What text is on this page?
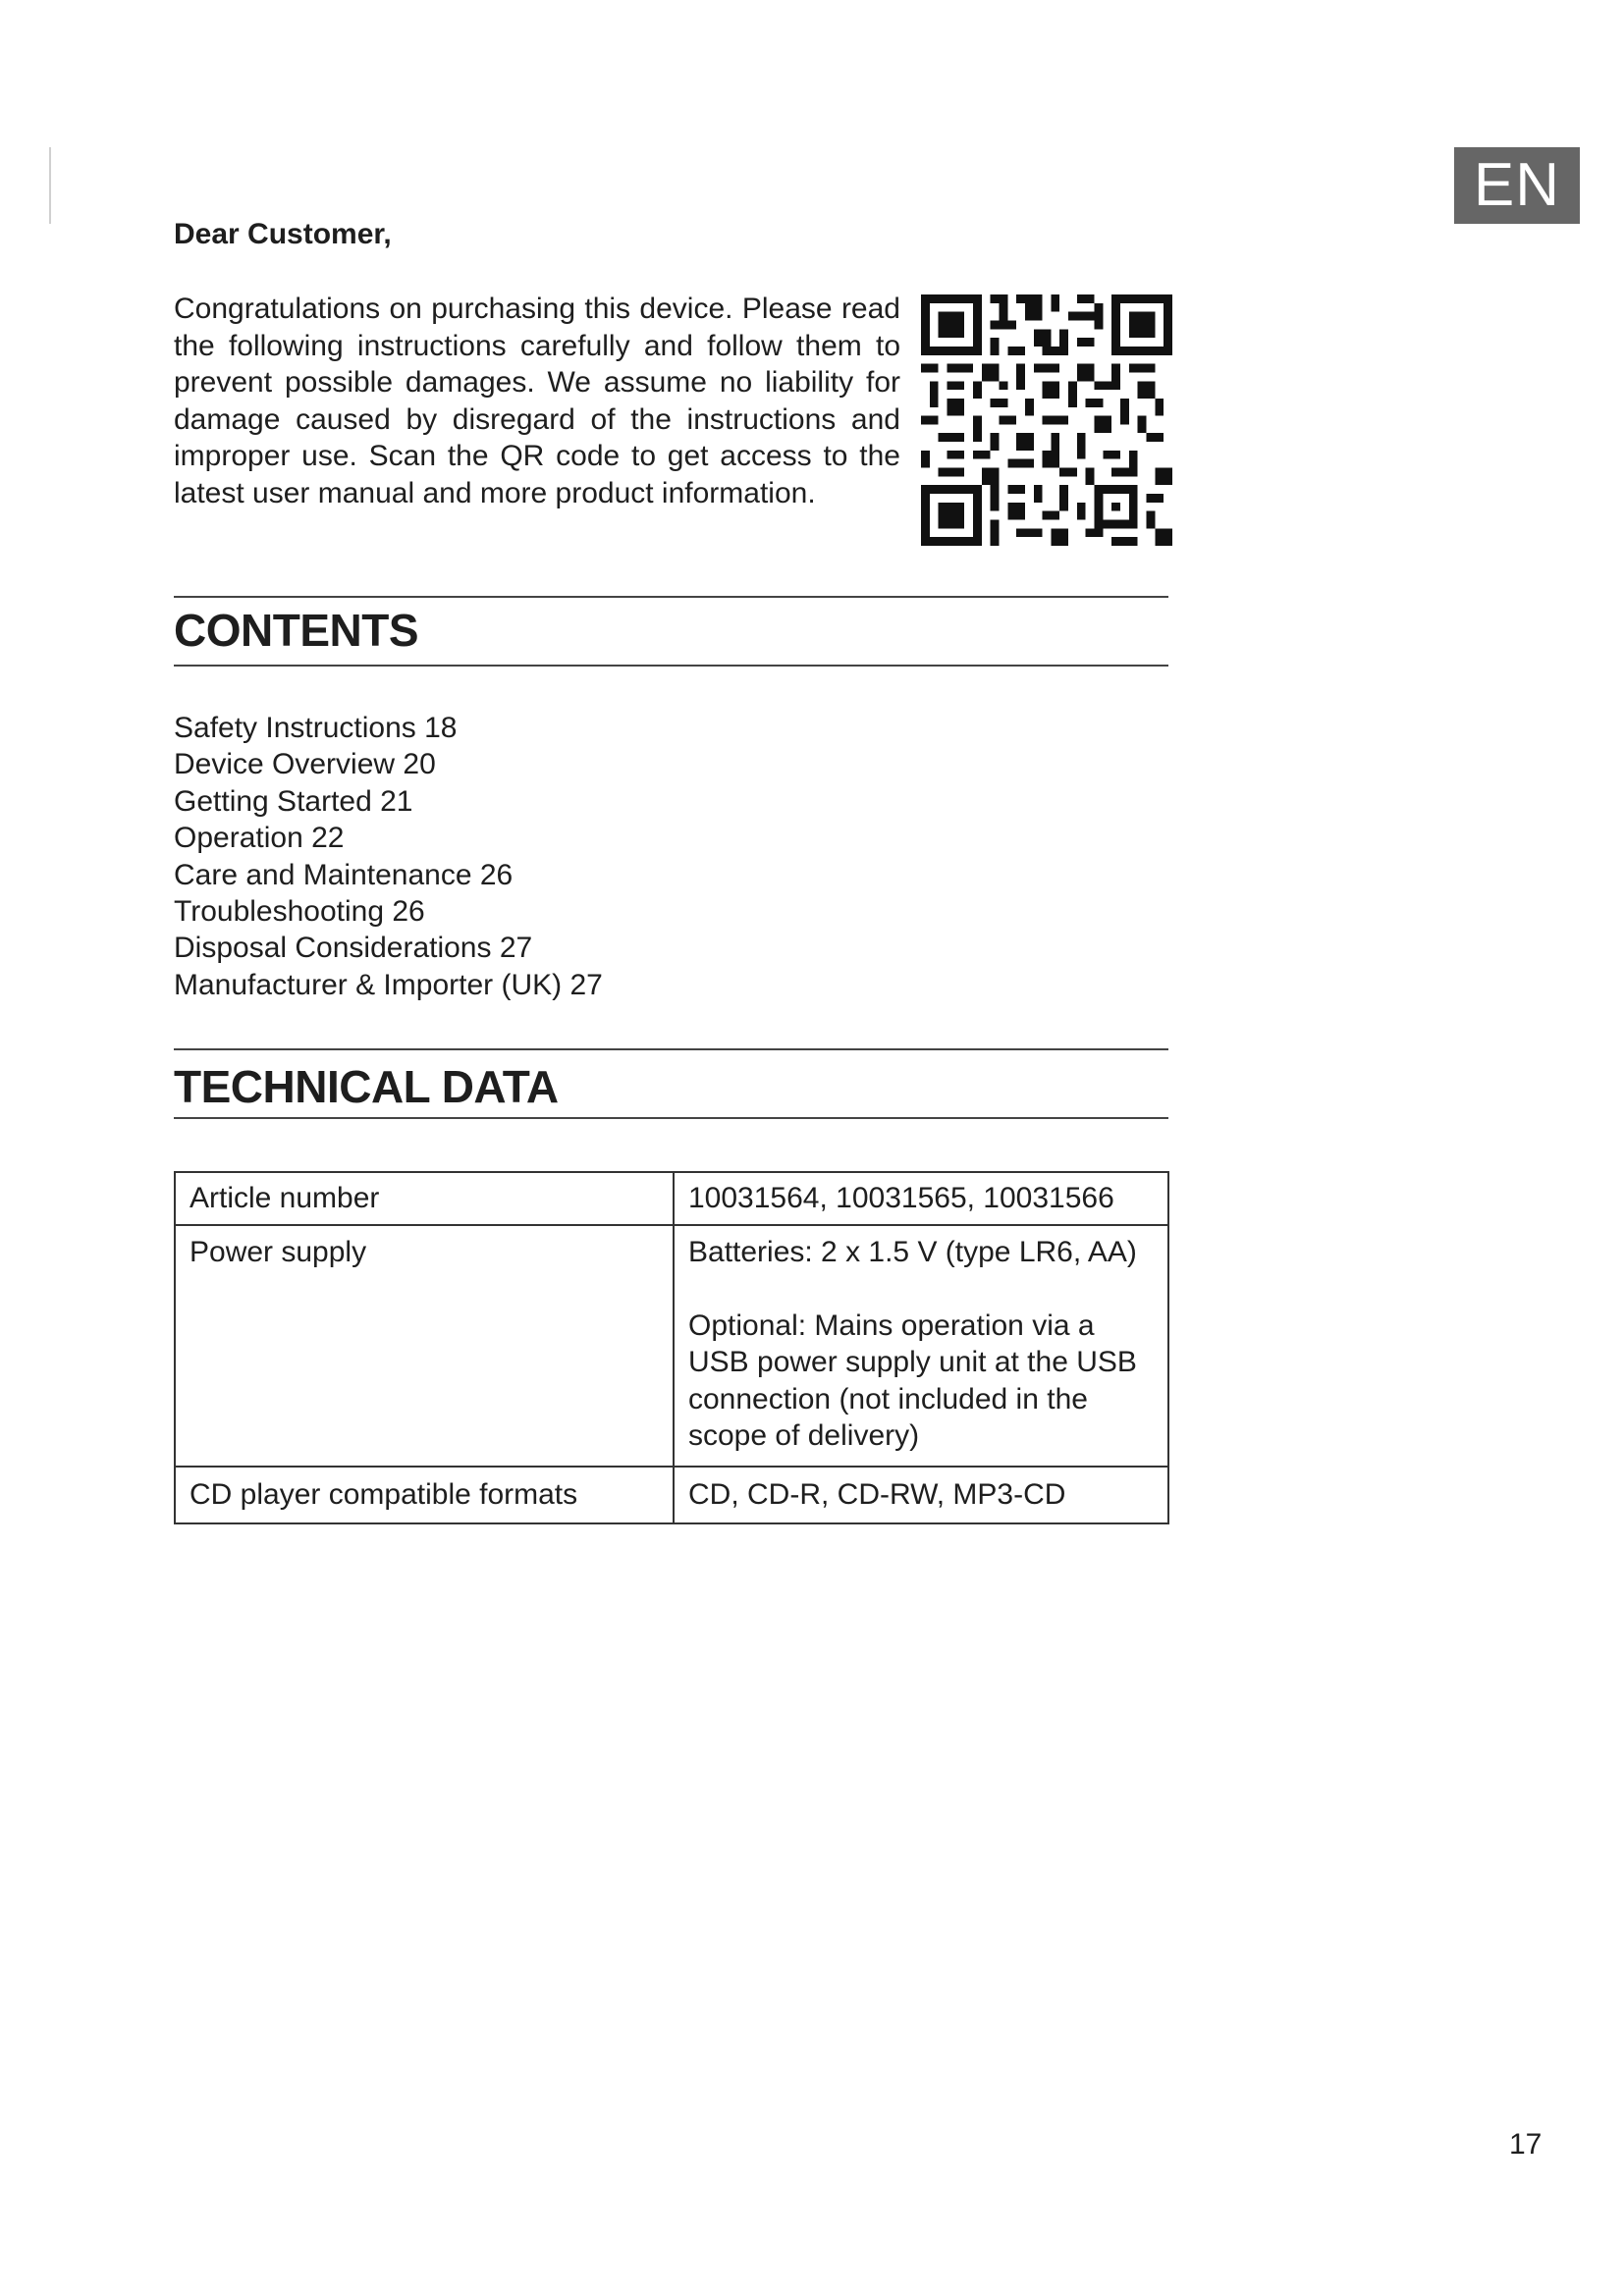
EN
Dear Customer,

Congratulations on purchasing this device. Please read the following instructions carefully and follow them to prevent possible damages. We assume no liability for damage caused by disregard of the instructions and improper use. Scan the QR code to get access to the latest user manual and more product information.

CONTENTS
Safety Instructions 18
Device Overview 20
Getting Started 21
Operation 22
Care and Maintenance 26
Troubleshooting 26
Disposal Considerations 27
Manufacturer & Importer (UK) 27
TECHNICAL DATA
Article number	10031564, 10031565, 10031566
Power supply	Batteries: 2 x 1.5 V (type LR6, AA)
Optional: Mains operation via a USB power supply unit at the USB connection (not included in the scope of delivery)

CD player compatible formats	CD, CD-R, CD-RW, MP3-CD
17
